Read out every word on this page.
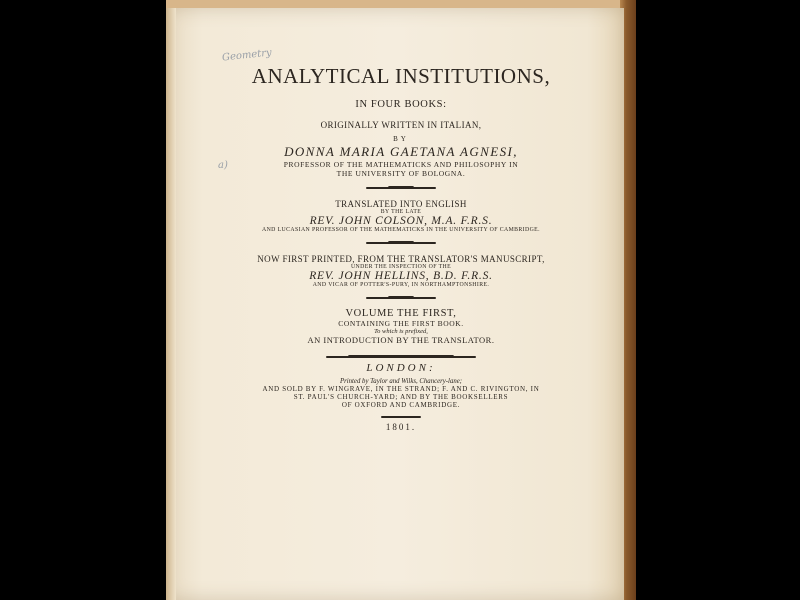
Geometry
a)
ANALYTICAL INSTITUTIONS,
IN FOUR BOOKS:
ORIGINALLY WRITTEN IN ITALIAN,
BY
DONNA MARIA GAETANA AGNESI,
PROFESSOR OF THE MATHEMATICKS AND PHILOSOPHY IN
THE UNIVERSITY OF BOLOGNA.
TRANSLATED INTO ENGLISH
BY THE LATE
REV. JOHN COLSON, M.A. F.R.S.
AND LUCASIAN PROFESSOR OF THE MATHEMATICKS IN THE UNIVERSITY OF CAMBRIDGE.
NOW FIRST PRINTED, FROM THE TRANSLATOR'S MANUSCRIPT,
UNDER THE INSPECTION OF THE
REV. JOHN HELLINS, B.D. F.R.S.
AND VICAR OF POTTER'S-PURY, IN NORTHAMPTONSHIRE.
VOLUME THE FIRST,
CONTAINING THE FIRST BOOK.
To which is prefixed,
AN INTRODUCTION BY THE TRANSLATOR.
LONDON:
Printed by Taylor and Wilks, Chancery-lane;
AND SOLD BY F. WINGRAVE, IN THE STRAND; F. AND C. RIVINGTON, IN
ST. PAUL'S CHURCH-YARD; AND BY THE BOOKSELLERS
OF OXFORD AND CAMBRIDGE.
1801.
